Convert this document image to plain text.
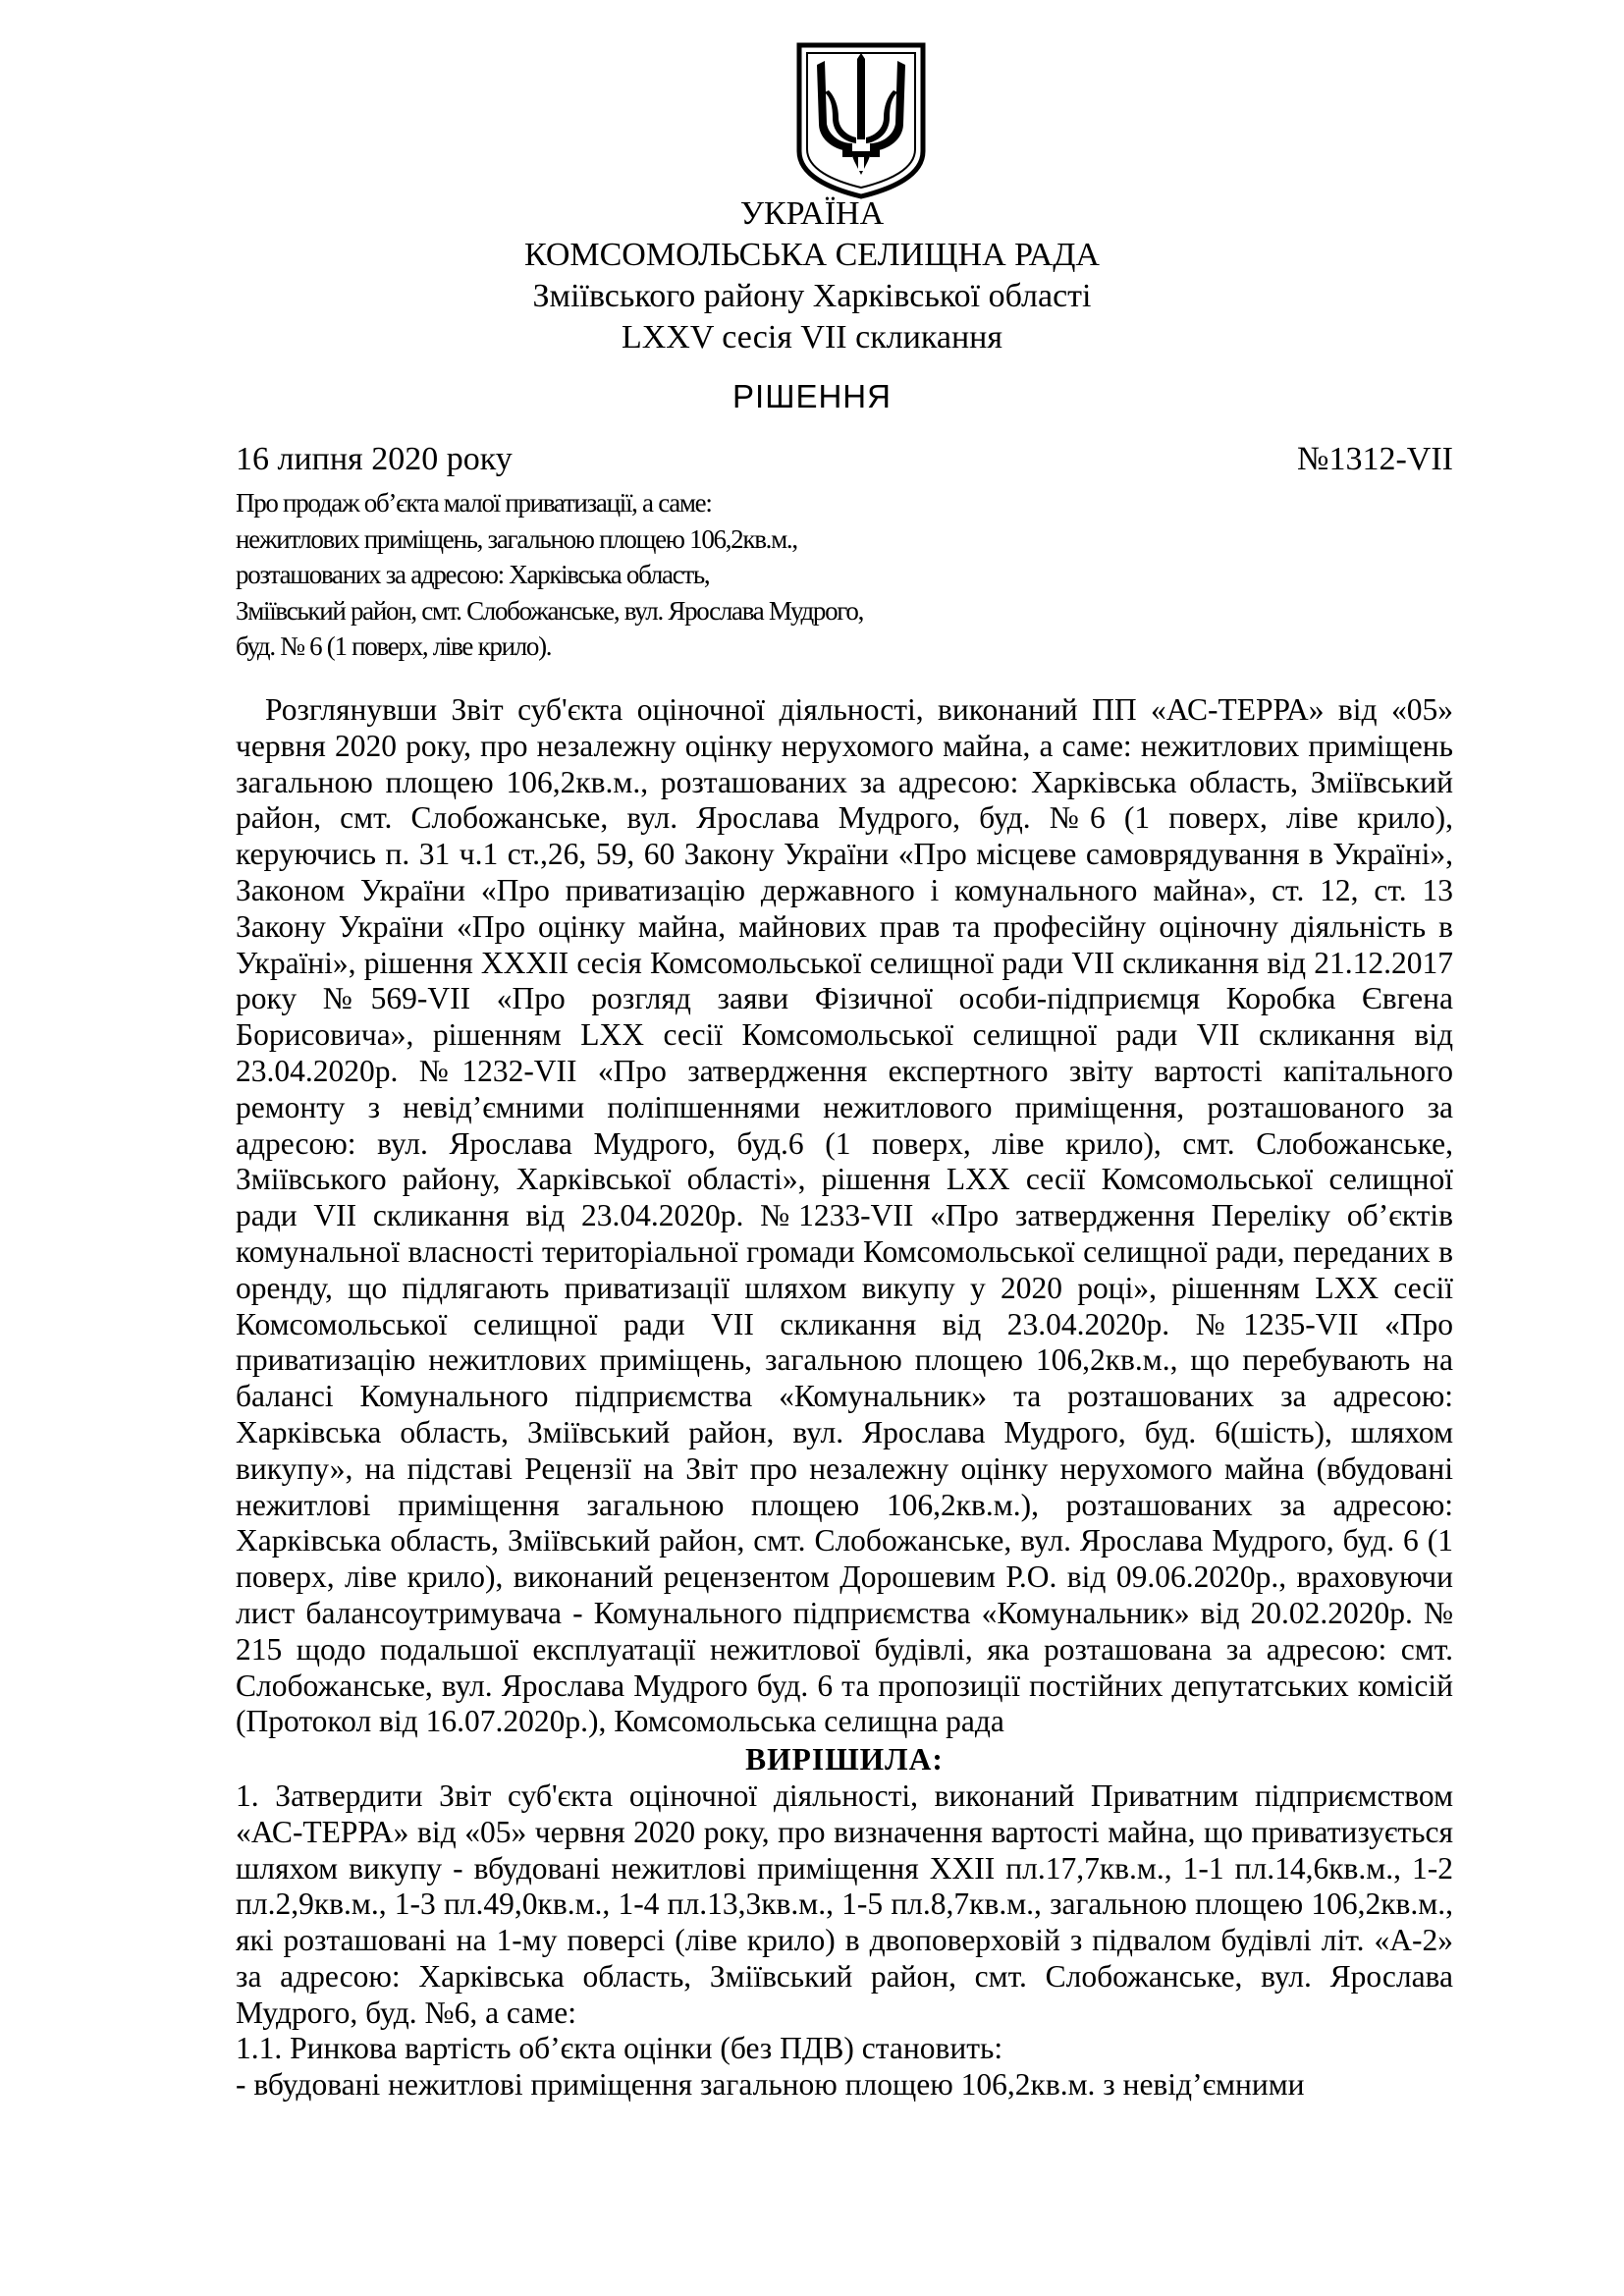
УКРАЇНА
КОМСОМОЛЬСЬКА СЕЛИЩНА РАДА
Зміївського району Харківської області
LXXV сесія VII скликання
РІШЕННЯ
16 липня 2020 року	№1312-VII
Про продаж об’єкта малої приватизації, а саме:
нежитлових приміщень, загальною площею 106,2кв.м.,
розташованих за адресою: Харківська область,
Зміївський район, смт. Слобожанське, вул. Ярослава Мудрого,
буд. № 6 (1 поверх, ліве крило).

Розглянувши Звіт суб'єкта оціночної діяльності, виконаний ПП «АС-ТЕРРА» від «05» червня 2020 року, про незалежну оцінку нерухомого майна, а саме: нежитлових приміщень загальною площею 106,2кв.м., розташованих за адресою: Харківська область, Зміївський район, смт. Слобожанське, вул. Ярослава Мудрого, буд. №6 (1 поверх, ліве крило), керуючись п. 31 ч.1 ст.,26, 59, 60 Закону України «Про місцеве самоврядування в Україні», Законом України «Про приватизацію державного і комунального майна», ст. 12, ст. 13 Закону України «Про оцінку майна, майнових прав та професійну оціночну діяльність в Україні», рішення XXXII сесія Комсомольської селищної ради VII скликання від 21.12.2017 року №569-VII «Про розгляд заяви Фізичної особи-підприємця Коробка Євгена Борисовича», рішенням LXX сесії Комсомольської селищної ради VII скликання від 23.04.2020р. №1232-VII «Про затвердження експертного звіту вартості капітального ремонту з невід’ємними поліпшеннями нежитлового приміщення, розташованого за адресою: вул. Ярослава Мудрого, буд.6 (1 поверх, ліве крило), смт. Слобожанське, Зміївського району, Харківської області», рішення LXX сесії Комсомольської селищної ради VII скликання від 23.04.2020р. №1233-VII «Про затвердження Переліку об’єктів комунальної власності територіальної громади Комсомольської селищної ради, переданих в оренду, що підлягають приватизації шляхом викупу у 2020 році», рішенням LXX сесії Комсомольської селищної ради VII скликання від 23.04.2020р. №1235-VII «Про приватизацію нежитлових приміщень, загальною площею 106,2кв.м., що перебувають на балансі Комунального підприємства «Комунальник» та розташованих за адресою: Харківська область, Зміївський район, вул. Ярослава Мудрого, буд. 6(шість), шляхом викупу», на підставі Рецензії на Звіт про незалежну оцінку нерухомого майна (вбудовані нежитлові приміщення загальною площею 106,2кв.м.), розташованих за адресою: Харківська область, Зміївський район, смт. Слобожанське, вул. Ярослава Мудрого, буд. 6 (1 поверх, ліве крило), виконаний рецензентом Дорошевим Р.О. від 09.06.2020р., враховуючи лист балансоутримувача - Комунального підприємства «Комунальник» від 20.02.2020р. № 215 щодо подальшої експлуатації нежитлової будівлі, яка розташована за адресою: смт. Слобожанське, вул. Ярослава Мудрого буд. 6 та пропозиції постійних депутатських комісій (Протокол від 16.07.2020р.), Комсомольська селищна рада

ВИРІШИЛА:
1. Затвердити Звіт суб'єкта оціночної діяльності, виконаний Приватним підприємством «АС-ТЕРРА» від «05» червня 2020 року, про визначення вартості майна, що приватизується шляхом викупу - вбудовані нежитлові приміщення XXII пл.17,7кв.м., 1-1 пл.14,6кв.м., 1-2 пл.2,9кв.м., 1-3 пл.49,0кв.м., 1-4 пл.13,3кв.м., 1-5 пл.8,7кв.м., загальною площею 106,2кв.м., які розташовані на 1-му поверсі (ліве крило) в двоповерховій з підвалом будівлі літ. «А-2» за адресою: Харківська область, Зміївський район, смт. Слобожанське, вул. Ярослава Мудрого, буд. №6, а саме:
1.1. Ринкова вартість об’єкта оцінки (без ПДВ) становить:
- вбудовані нежитлові приміщення загальною площею 106,2кв.м. з невід’ємними
